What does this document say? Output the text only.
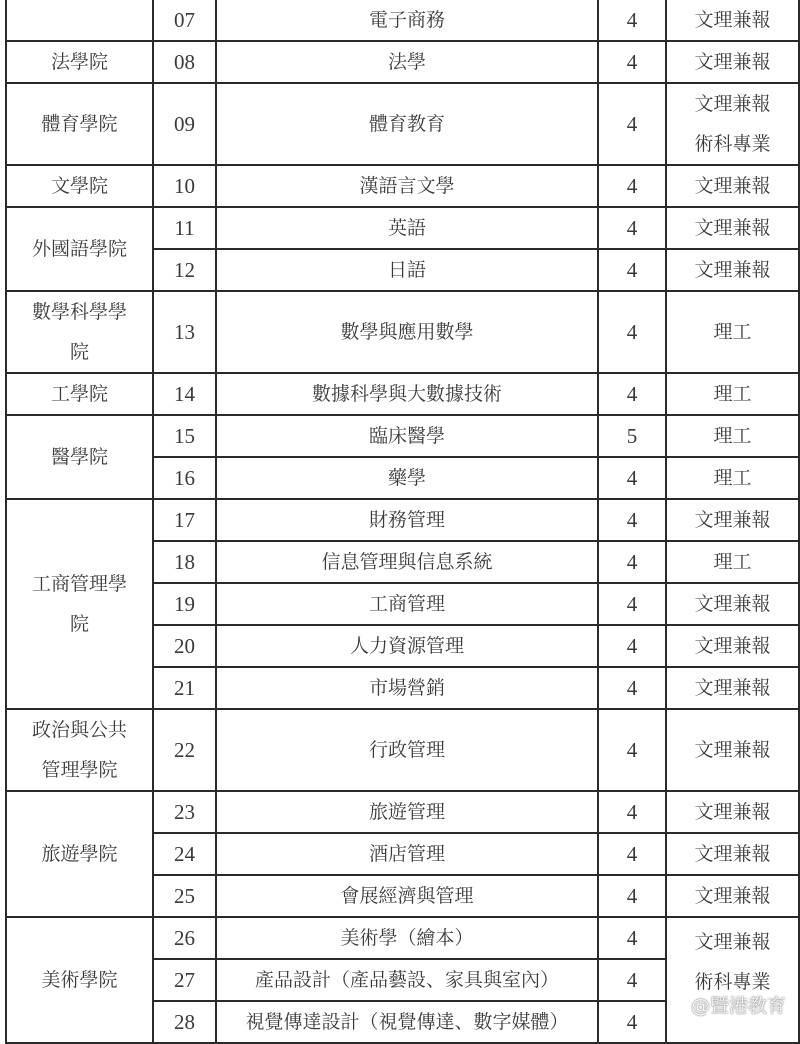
	07	電子商務	4	文理兼報

法學院	08	法學	4	文理兼報

體育學院	09	體育教育	4	文理兼報 術科專業

文學院	10	漢語言文學	4	文理兼報

外國語學院	11	英語	4	文理兼報

	12	日語	4	文理兼報

數學科學學院	13	數學與應用數學	4	理工

工學院	14	數據科學與大數據技術	4	理工

醫學院	15	臨床醫學	5	理工

	16	藥學	4	理工

工商管理學院	17	財務管理	4	文理兼報

	18	信息管理與信息系統	4	理工

	19	工商管理	4	文理兼報

	20	人力資源管理	4	文理兼報

	21	市場營銷	4	文理兼報

政治與公共管理學院	22	行政管理	4	文理兼報

旅遊學院	23	旅遊管理	4	文理兼報

	24	酒店管理	4	文理兼報

	25	會展經濟與管理	4	文理兼報

美術學院	26	美術學（繪本）	4	文理兼報 術科專業

	27	產品設計（產品藝設、家具與室內）	4	
	28	視覺傳達設計（視覺傳達、數字媒體）	4	
@暨港教育
